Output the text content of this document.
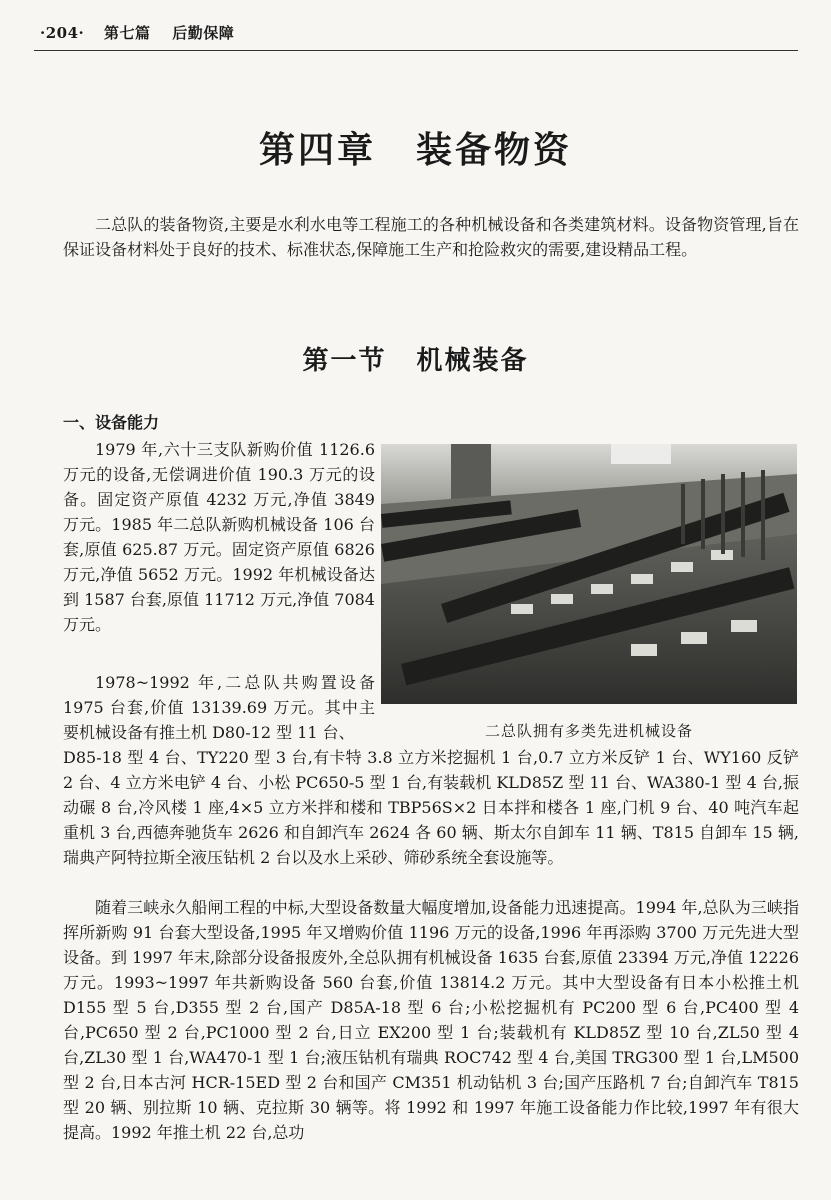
·204· 第七篇 后勤保障
第四章 装备物资

二总队的装备物资,主要是水利水电等工程施工的各种机械设备和各类建筑材料。设备物资管理,旨在保证设备材料处于良好的技术、标准状态,保障施工生产和抢险救灾的需要,建设精品工程。

第一节 机械装备
一、设备能力

1979 年,六十三支队新购价值 1126.6 万元的设备,无偿调进价值 190.3 万元的设备。固定资产原值 4232 万元,净值 3849 万元。1985 年二总队新购机械设备 106 台套,原值 625.87 万元。固定资产原值 6826 万元,净值 5652 万元。1992 年机械设备达到 1587 台套,原值 11712 万元,净值 7084 万元。

1978~1992 年,二总队共购置设备 1975 台套,价值 13139.69 万元。其中主要机械设备有推土机 D80-12 型 11 台、

D85-18 型 4 台、TY220 型 3 台,有卡特 3.8 立方米挖掘机 1 台,0.7 立方米反铲 1 台、WY160 反铲 2 台、4 立方米电铲 4 台、小松 PC650-5 型 1 台,有装载机 KLD85Z 型 11 台、WA380-1 型 4 台,振动碾 8 台,冷风楼 1 座,4×5 立方米拌和楼和 TBP56S×2 日本拌和楼各 1 座,门机 9 台、40 吨汽车起重机 3 台,西德奔驰货车 2626 和自卸汽车 2624 各 60 辆、斯太尔自卸车 11 辆、T815 自卸车 15 辆,瑞典产阿特拉斯全液压钻机 2 台以及水上采砂、筛砂系统全套设施等。

随着三峡永久船闸工程的中标,大型设备数量大幅度增加,设备能力迅速提高。1994 年,总队为三峡指挥所新购 91 台套大型设备,1995 年又增购价值 1196 万元的设备,1996 年再添购 3700 万元先进大型设备。到 1997 年末,除部分设备报废外,全总队拥有机械设备 1635 台套,原值 23394 万元,净值 12226 万元。1993~1997 年共新购设备 560 台套,价值 13814.2 万元。其中大型设备有日本小松推土机 D155 型 5 台,D355 型 2 台,国产 D85A-18 型 6 台;小松挖掘机有 PC200 型 6 台,PC400 型 4 台,PC650 型 2 台,PC1000 型 2 台,日立 EX200 型 1 台;装载机有 KLD85Z 型 10 台,ZL50 型 4 台,ZL30 型 1 台,WA470-1 型 1 台;液压钻机有瑞典 ROC742 型 4 台,美国 TRG300 型 1 台,LM500 型 2 台,日本古河 HCR-15ED 型 2 台和国产 CM351 机动钻机 3 台;国产压路机 7 台;自卸汽车 T815 型 20 辆、别拉斯 10 辆、克拉斯 30 辆等。将 1992 和 1997 年施工设备能力作比较,1997 年有很大提高。1992 年推土机 22 台,总功

二总队拥有多类先进机械设备
